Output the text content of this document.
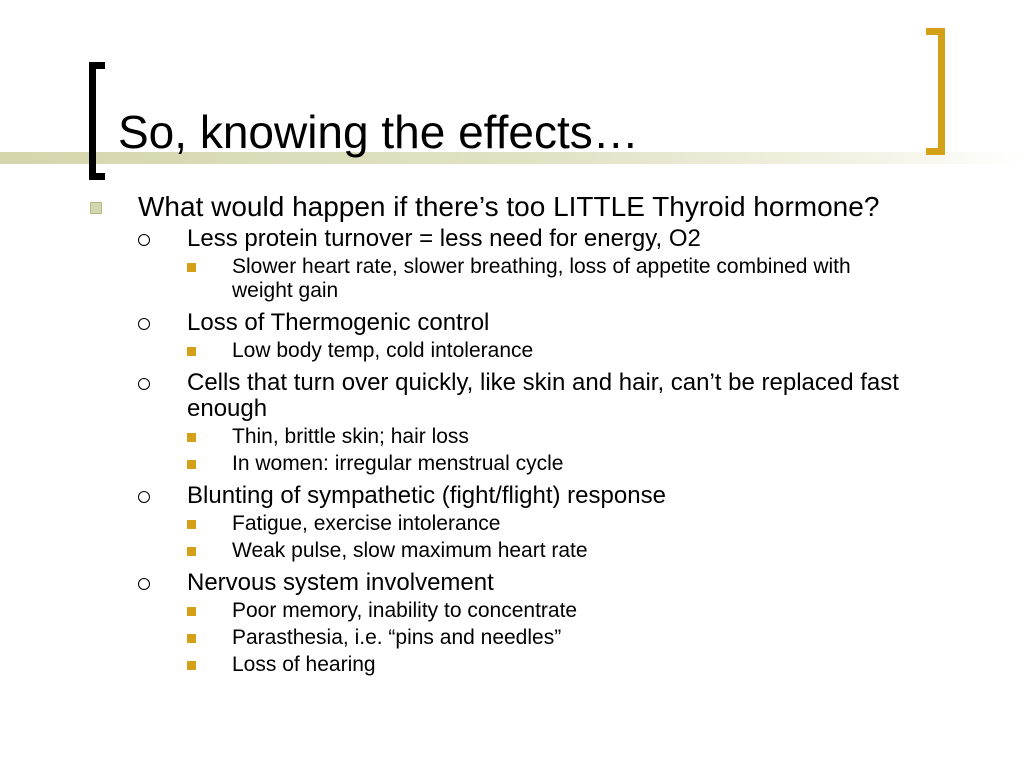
So, knowing the effects…
What would happen if there’s too LITTLE Thyroid hormone?
Less protein turnover = less need for energy, O2
Slower heart rate, slower breathing, loss of appetite combined with weight gain
Loss of Thermogenic control
Low body temp, cold intolerance
Cells that turn over quickly, like skin and hair, can’t be replaced fast enough
Thin, brittle skin; hair loss
In women: irregular menstrual cycle
Blunting of sympathetic (fight/flight) response
Fatigue, exercise intolerance
Weak pulse, slow maximum heart rate
Nervous system involvement
Poor memory, inability to concentrate
Parasthesia, i.e. “pins and needles”
Loss of hearing
